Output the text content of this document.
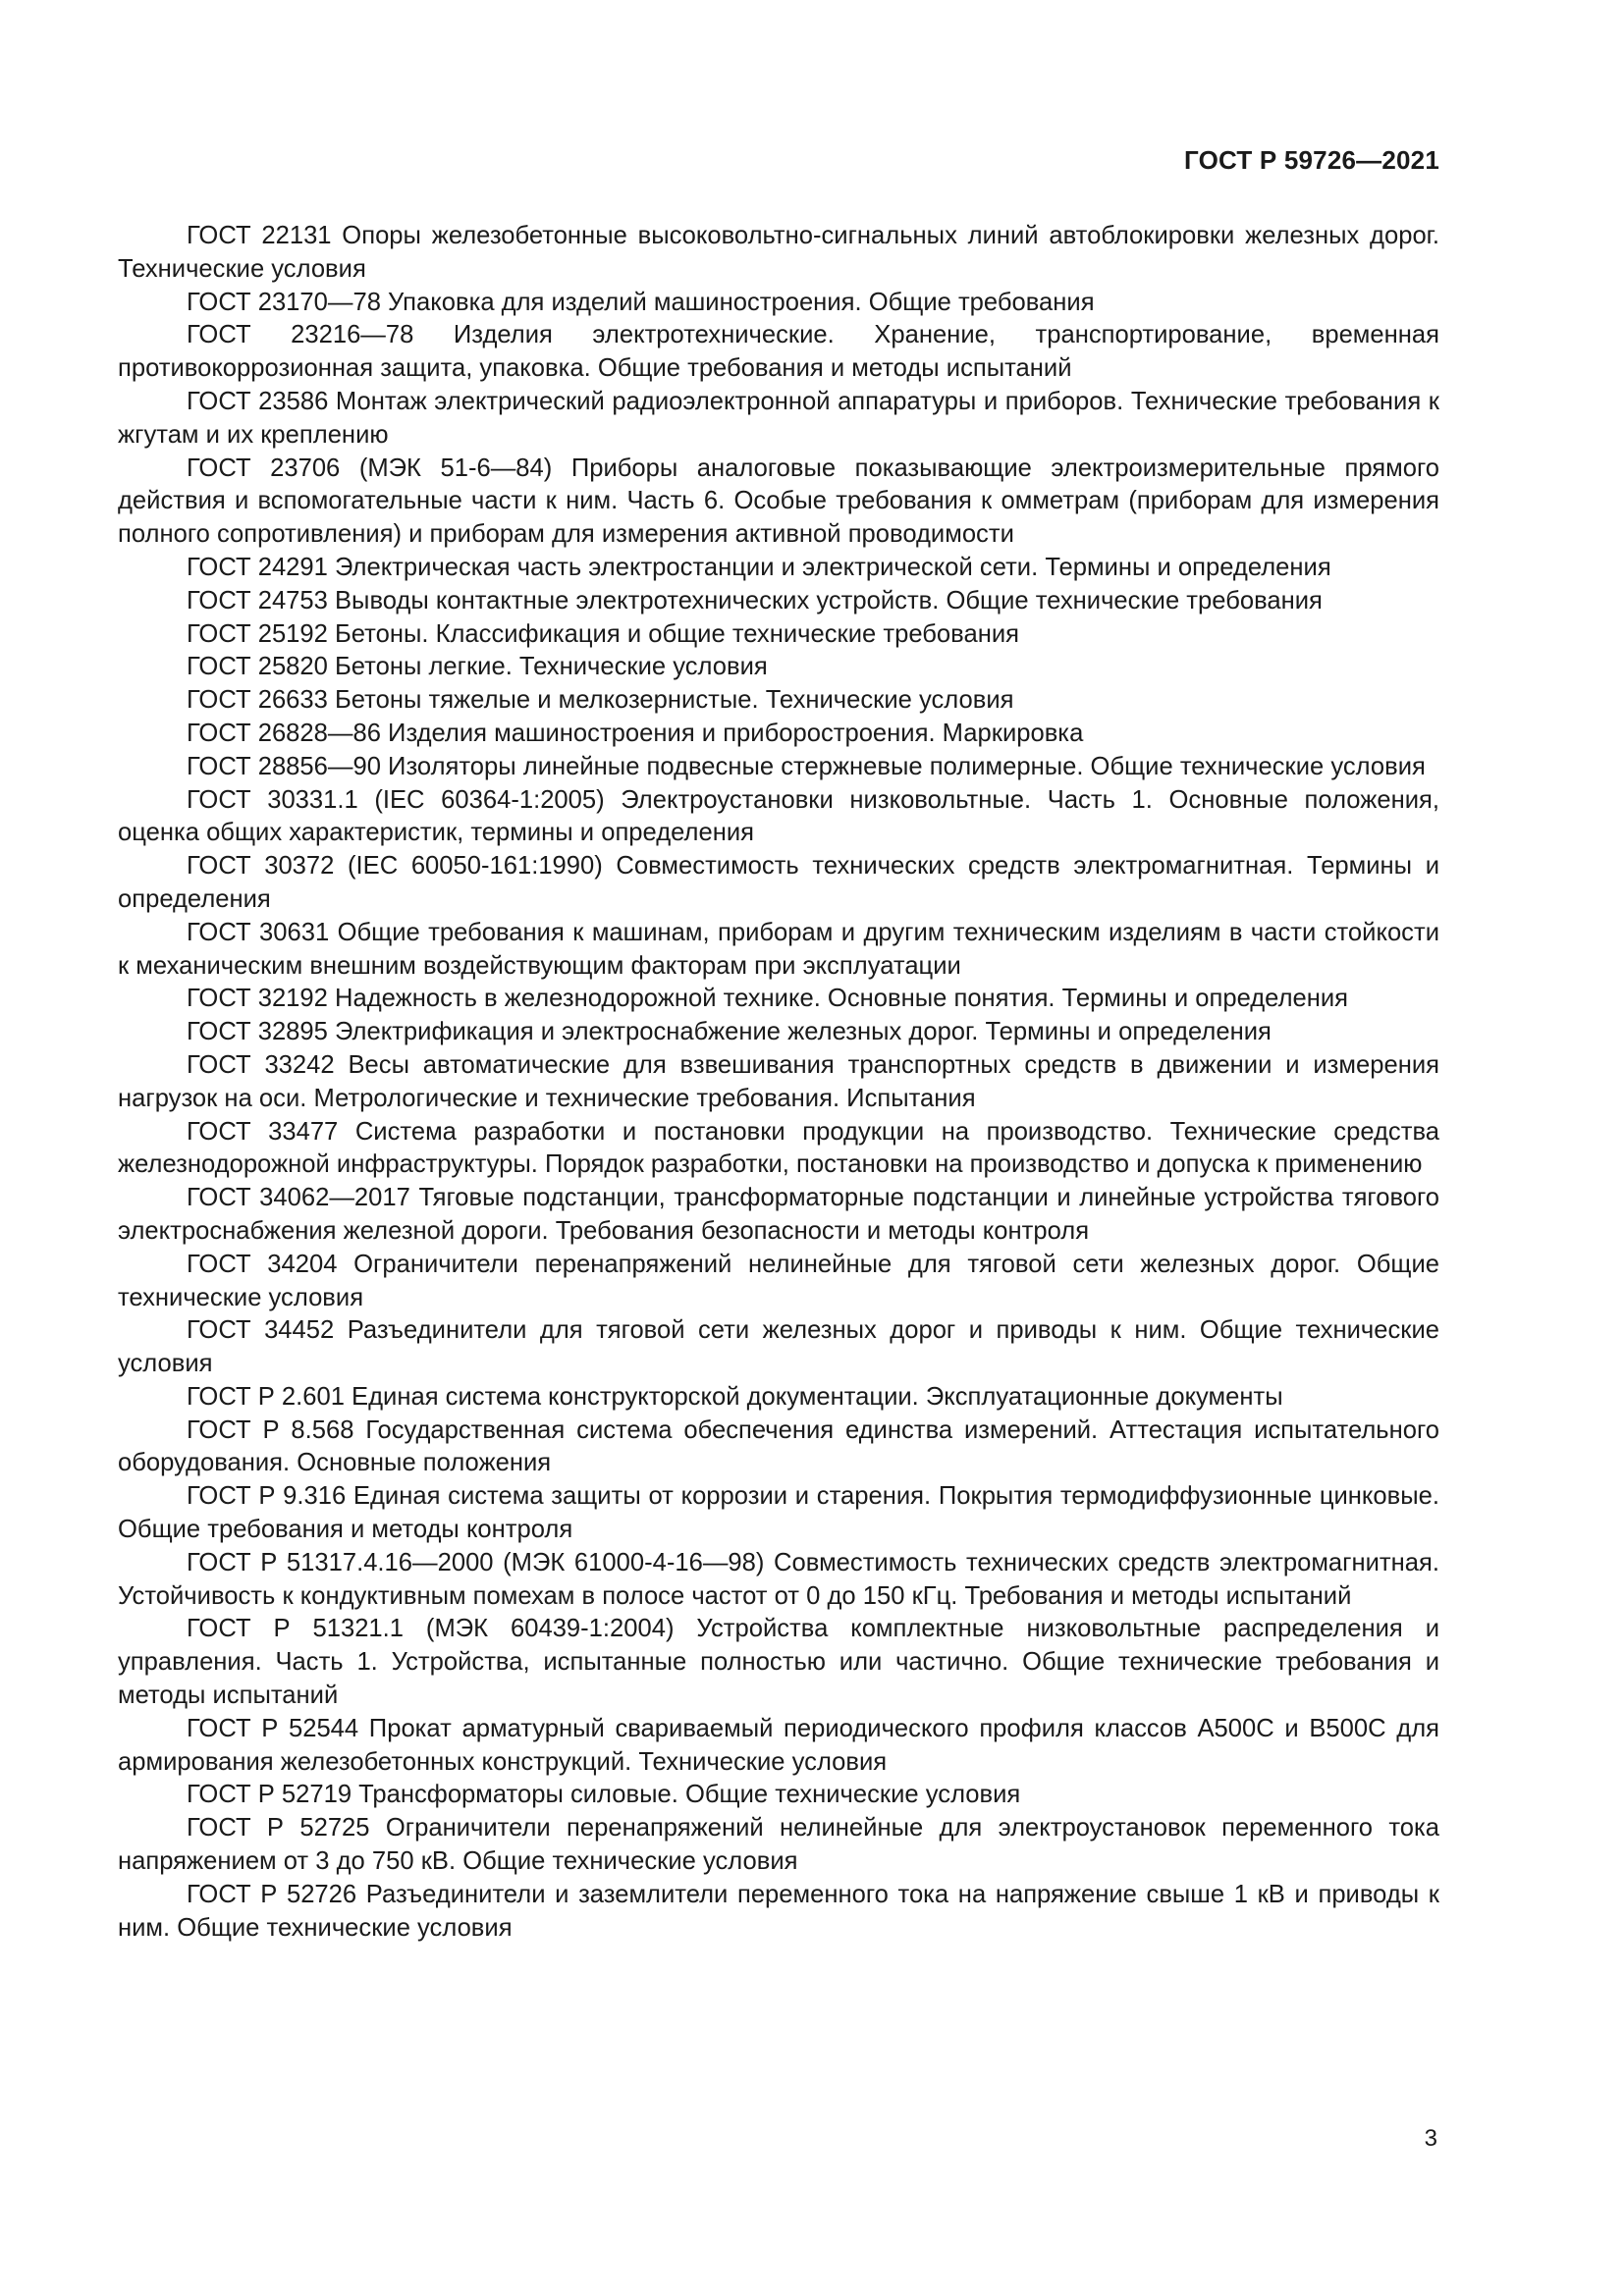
ГОСТ Р 59726—2021

ГОСТ 22131 Опоры железобетонные высоковольтно-сигнальных линий автоблокировки железных дорог. Технические условия

ГОСТ 23170—78 Упаковка для изделий машиностроения. Общие требования

ГОСТ 23216—78 Изделия электротехнические. Хранение, транспортирование, временная противокоррозионная защита, упаковка. Общие требования и методы испытаний

ГОСТ 23586 Монтаж электрический радиоэлектронной аппаратуры и приборов. Технические требования к жгутам и их креплению

ГОСТ 23706 (МЭК 51-6—84) Приборы аналоговые показывающие электроизмерительные прямого действия и вспомогательные части к ним. Часть 6. Особые требования к омметрам (приборам для измерения полного сопротивления) и приборам для измерения активной проводимости

ГОСТ 24291 Электрическая часть электростанции и электрической сети. Термины и определения

ГОСТ 24753 Выводы контактные электротехнических устройств. Общие технические требования

ГОСТ 25192 Бетоны. Классификация и общие технические требования

ГОСТ 25820 Бетоны легкие. Технические условия

ГОСТ 26633 Бетоны тяжелые и мелкозернистые. Технические условия

ГОСТ 26828—86 Изделия машиностроения и приборостроения. Маркировка

ГОСТ 28856—90 Изоляторы линейные подвесные стержневые полимерные. Общие технические условия

ГОСТ 30331.1 (IEC 60364-1:2005) Электроустановки низковольтные. Часть 1. Основные положения, оценка общих характеристик, термины и определения

ГОСТ 30372 (IEC 60050-161:1990) Совместимость технических средств электромагнитная. Термины и определения

ГОСТ 30631 Общие требования к машинам, приборам и другим техническим изделиям в части стойкости к механическим внешним воздействующим факторам при эксплуатации

ГОСТ 32192 Надежность в железнодорожной технике. Основные понятия. Термины и определения

ГОСТ 32895 Электрификация и электроснабжение железных дорог. Термины и определения

ГОСТ 33242 Весы автоматические для взвешивания транспортных средств в движении и измерения нагрузок на оси. Метрологические и технические требования. Испытания

ГОСТ 33477 Система разработки и постановки продукции на производство. Технические средства железнодорожной инфраструктуры. Порядок разработки, постановки на производство и допуска к применению

ГОСТ 34062—2017 Тяговые подстанции, трансформаторные подстанции и линейные устройства тягового электроснабжения железной дороги. Требования безопасности и методы контроля

ГОСТ 34204 Ограничители перенапряжений нелинейные для тяговой сети железных дорог. Общие технические условия

ГОСТ 34452 Разъединители для тяговой сети железных дорог и приводы к ним. Общие технические условия

ГОСТ Р 2.601 Единая система конструкторской документации. Эксплуатационные документы

ГОСТ Р 8.568 Государственная система обеспечения единства измерений. Аттестация испытательного оборудования. Основные положения

ГОСТ Р 9.316 Единая система защиты от коррозии и старения. Покрытия термодиффузионные цинковые. Общие требования и методы контроля

ГОСТ Р 51317.4.16—2000 (МЭК 61000-4-16—98) Совместимость технических средств электромагнитная. Устойчивость к кондуктивным помехам в полосе частот от 0 до 150 кГц. Требования и методы испытаний

ГОСТ Р 51321.1 (МЭК 60439-1:2004) Устройства комплектные низковольтные распределения и управления. Часть 1. Устройства, испытанные полностью или частично. Общие технические требования и методы испытаний

ГОСТ Р 52544 Прокат арматурный свариваемый периодического профиля классов А500С и В500С для армирования железобетонных конструкций. Технические условия

ГОСТ Р 52719 Трансформаторы силовые. Общие технические условия

ГОСТ Р 52725 Ограничители перенапряжений нелинейные для электроустановок переменного тока напряжением от 3 до 750 кВ. Общие технические условия

ГОСТ Р 52726 Разъединители и заземлители переменного тока на напряжение свыше 1 кВ и приводы к ним. Общие технические условия

3
